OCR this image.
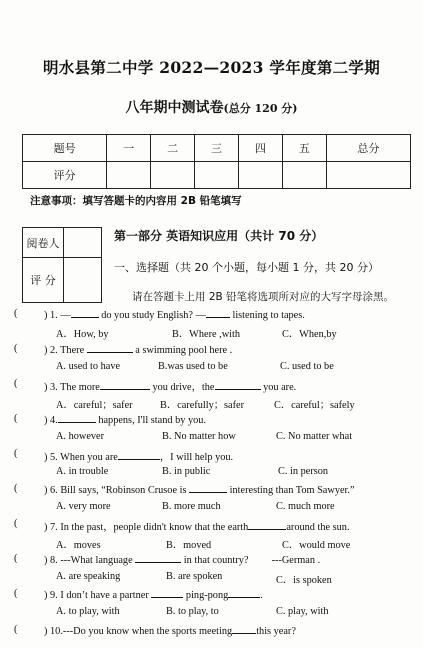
明水县第二中学 2022—2023 学年度第二学期
八年期中测试卷(总分 120 分)
题号	一	二	三	四	五	总分
评分						
注意事项：填写答题卡的内容用 2B 铅笔填写
阅卷人	
评 分	
第一部分 英语知识应用（共计 70 分）
一、选择题（共 20 个小题，每小题 1 分，共 20 分）
请在答题卡上用 2B 铅笔将选项所对应的大写字母涂黑。
(	) 1. —	do you study English? —	listening to tapes.
A．How, by	B．Where ,with	C．When,by
(	) 2. There	a swimming pool here .
A. used to have	B.was used to be	C. used to be
(	) 3. The more	you drive，the	you are.
A．careful；safer	B．carefully；safer	C．careful；safely
(	) 4.	happens, I'll stand by you.
A. however	B. No matter how	C. No matter what
(	) 5. When you are	，I will help you.
A. in trouble	B. in public	C. in person
(	) 6. Bill says, “Robinson Crusoe is	interesting than Tom Sawyer.”
A. very more	B. more much	C. much more
(	) 7. In the past，people didn't know that the earth	around the sun.
A．moves	B．moved	C．would move
(	) 8. ---What language	in that country? ---German .
A. are speaking	B. are spoken	C．is spoken
(	) 9. I don’t have a partner	ping-pong	.
A. to play, with	B. to play, to	C. play, with
(	) 10.---Do you know when the sports meeting this year?
